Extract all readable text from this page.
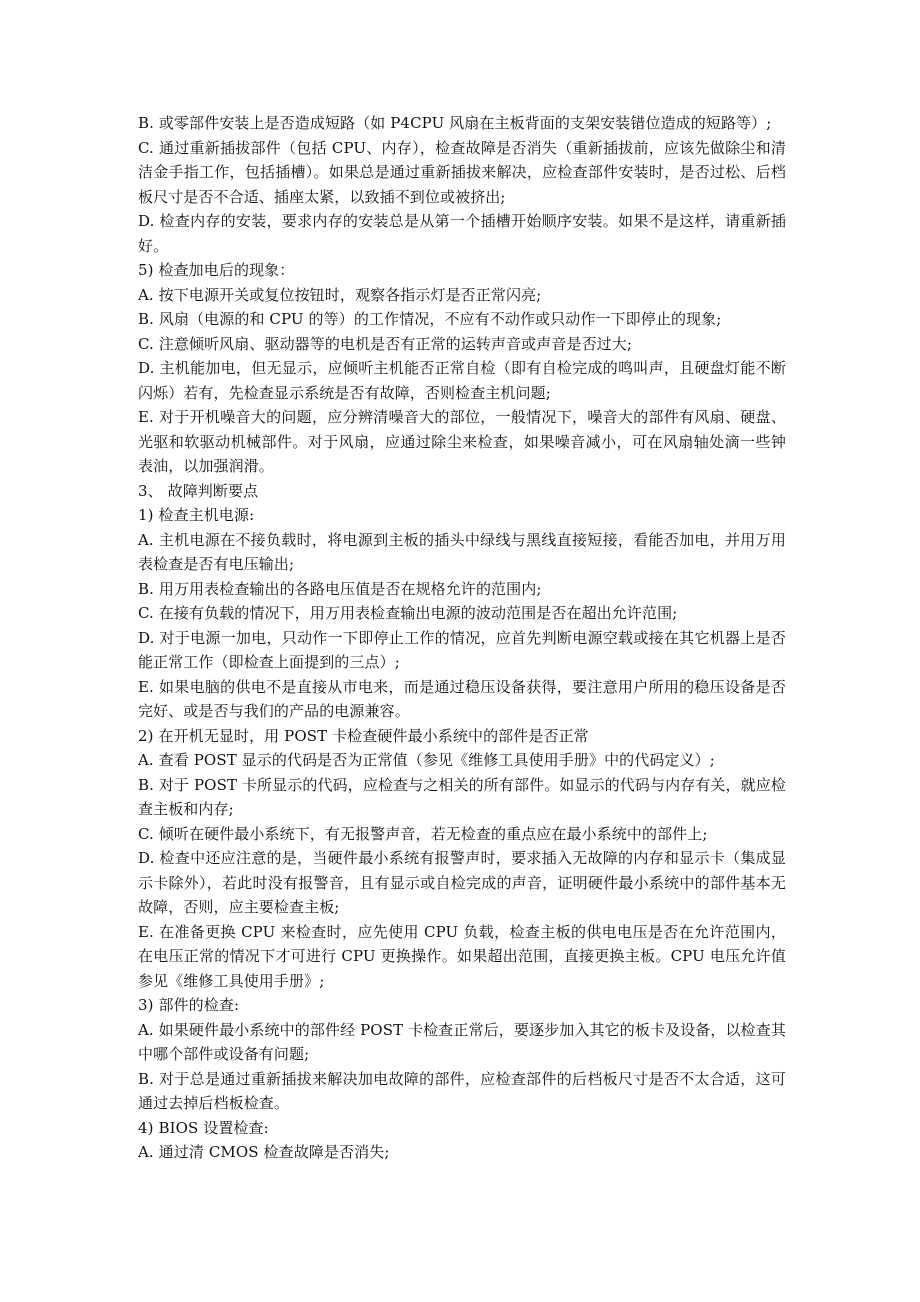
B. 或零部件安装上是否造成短路（如 P4CPU 风扇在主板背面的支架安装错位造成的短路等）;

C. 通过重新插拔部件（包括 CPU、内存），检查故障是否消失（重新插拔前，应该先做除尘和清洁金手指工作，包括插槽）。如果总是通过重新插拔来解决，应检查部件安装时，是否过松、后档板尺寸是否不合适、插座太紧，以致插不到位或被挤出;

D. 检查内存的安装，要求内存的安装总是从第一个插槽开始顺序安装。如果不是这样，请重新插好。

5) 检查加电后的现象：

A. 按下电源开关或复位按钮时，观察各指示灯是否正常闪亮;

B. 风扇（电源的和 CPU 的等）的工作情况，不应有不动作或只动作一下即停止的现象;

C. 注意倾听风扇、驱动器等的电机是否有正常的运转声音或声音是否过大;

D. 主机能加电，但无显示，应倾听主机能否正常自检（即有自检完成的鸣叫声，且硬盘灯能不断闪烁）若有，先检查显示系统是否有故障，否则检查主机问题;

E. 对于开机噪音大的问题，应分辨清噪音大的部位，一般情况下，噪音大的部件有风扇、硬盘、光驱和软驱动机械部件。对于风扇，应通过除尘来检查，如果噪音减小，可在风扇轴处滴一些钟表油，以加强润滑。

3、 故障判断要点

1) 检查主机电源:

A. 主机电源在不接负载时，将电源到主板的插头中绿线与黑线直接短接，看能否加电，并用万用表检查是否有电压输出;

B. 用万用表检查输出的各路电压值是否在规格允许的范围内;

C. 在接有负载的情况下，用万用表检查输出电源的波动范围是否在超出允许范围;

D. 对于电源一加电，只动作一下即停止工作的情况，应首先判断电源空载或接在其它机器上是否能正常工作（即检查上面提到的三点）;

E. 如果电脑的供电不是直接从市电来，而是通过稳压设备获得，要注意用户所用的稳压设备是否完好、或是否与我们的产品的电源兼容。

2) 在开机无显时，用 POST 卡检查硬件最小系统中的部件是否正常

A. 查看 POST 显示的代码是否为正常值（参见《维修工具使用手册》中的代码定义）;

B. 对于 POST 卡所显示的代码，应检查与之相关的所有部件。如显示的代码与内存有关，就应检查主板和内存;

C. 倾听在硬件最小系统下，有无报警声音，若无检查的重点应在最小系统中的部件上;

D. 检查中还应注意的是，当硬件最小系统有报警声时，要求插入无故障的内存和显示卡（集成显示卡除外），若此时没有报警音，且有显示或自检完成的声音，证明硬件最小系统中的部件基本无故障，否则，应主要检查主板;

E. 在准备更换 CPU 来检查时，应先使用 CPU 负载，检查主板的供电电压是否在允许范围内，在电压正常的情况下才可进行 CPU 更换操作。如果超出范围，直接更换主板。CPU 电压允许值参见《维修工具使用手册》;

3) 部件的检查:

A. 如果硬件最小系统中的部件经 POST 卡检查正常后，要逐步加入其它的板卡及设备，以检查其中哪个部件或设备有问题;

B. 对于总是通过重新插拔来解决加电故障的部件，应检查部件的后档板尺寸是否不太合适，这可通过去掉后档板检查。

4) BIOS 设置检查:

A. 通过清 CMOS 检查故障是否消失;
